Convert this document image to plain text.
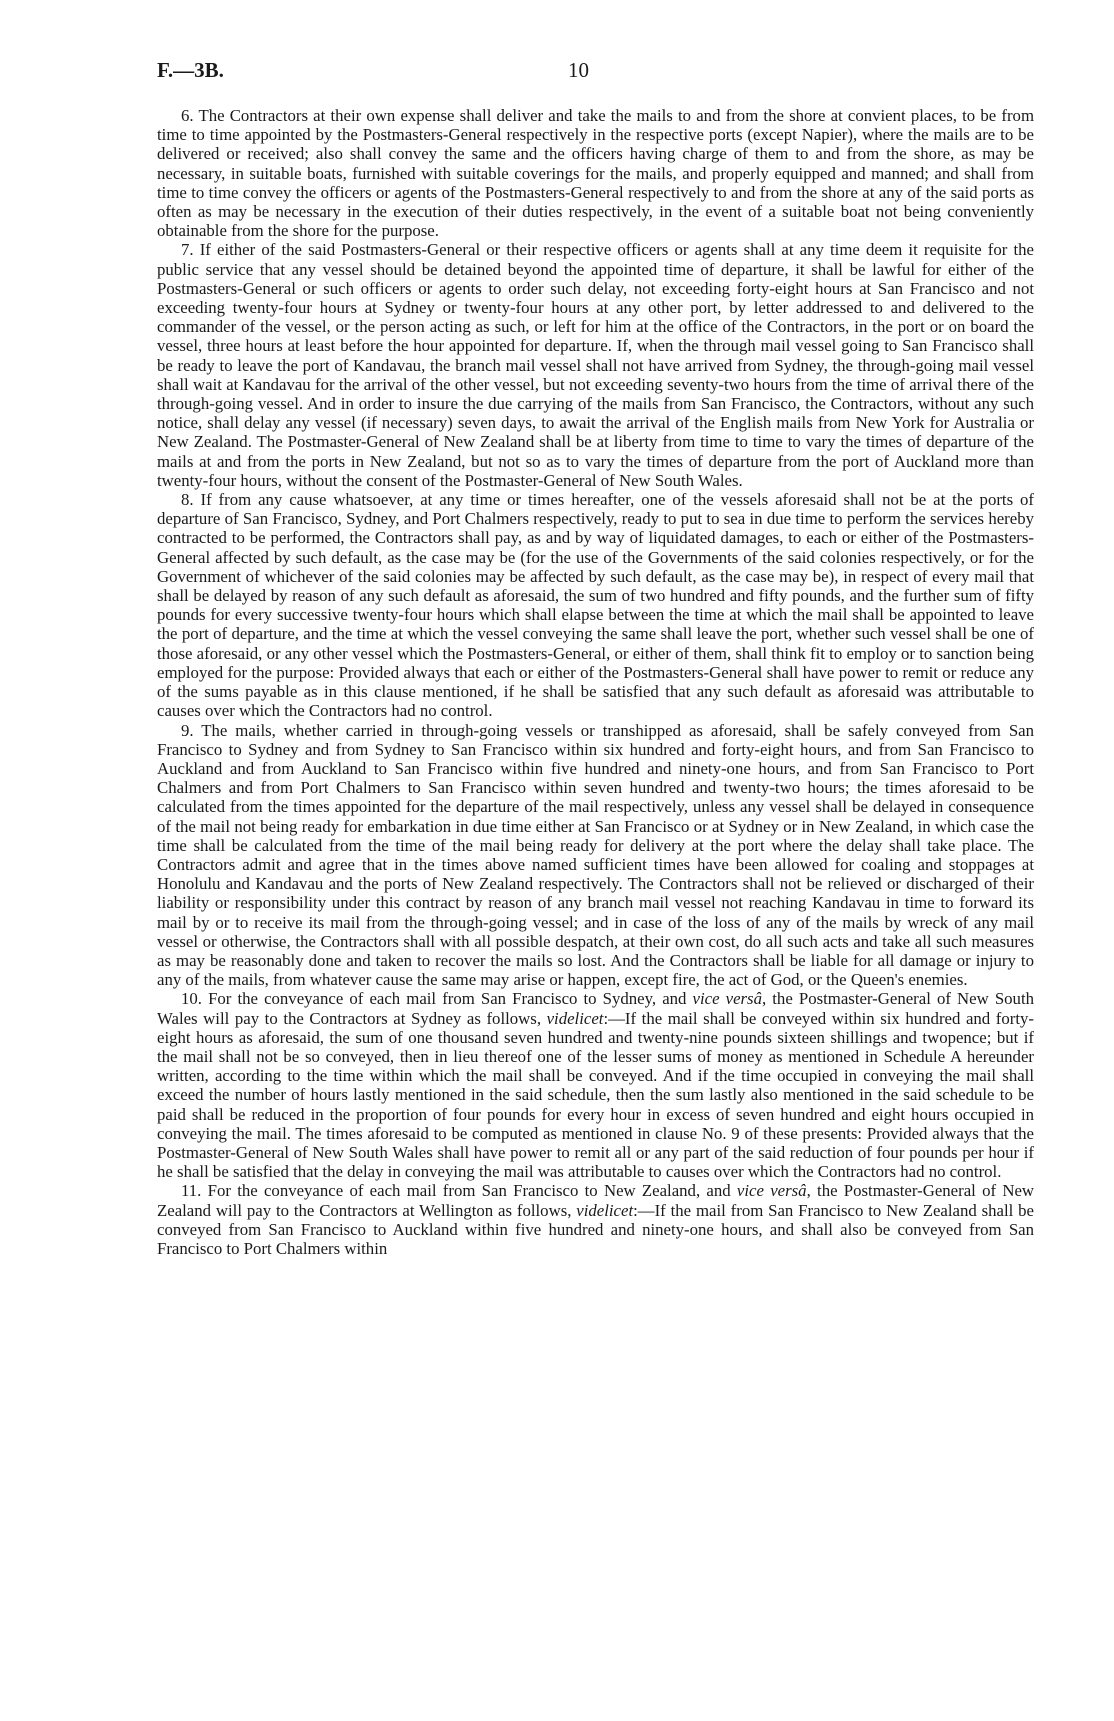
F.—3B.	10

6. The Contractors at their own expense shall deliver and take the mails to and from the shore at convient places, to be from time to time appointed by the Postmasters-General respectively in the respective ports (except Napier), where the mails are to be delivered or received; also shall convey the same and the officers having charge of them to and from the shore, as may be necessary, in suitable boats, furnished with suitable coverings for the mails, and properly equipped and manned; and shall from time to time convey the officers or agents of the Postmasters-General respectively to and from the shore at any of the said ports as often as may be necessary in the execution of their duties respectively, in the event of a suitable boat not being conveniently obtainable from the shore for the purpose.

7. If either of the said Postmasters-General or their respective officers or agents shall at any time deem it requisite for the public service that any vessel should be detained beyond the appointed time of departure, it shall be lawful for either of the Postmasters-General or such officers or agents to order such delay, not exceeding forty-eight hours at San Francisco and not exceeding twenty-four hours at Sydney or twenty-four hours at any other port, by letter addressed to and delivered to the commander of the vessel, or the person acting as such, or left for him at the office of the Contractors, in the port or on board the vessel, three hours at least before the hour appointed for departure. If, when the through mail vessel going to San Francisco shall be ready to leave the port of Kandavau, the branch mail vessel shall not have arrived from Sydney, the through-going mail vessel shall wait at Kandavau for the arrival of the other vessel, but not exceeding seventy-two hours from the time of arrival there of the through-going vessel. And in order to insure the due carrying of the mails from San Francisco, the Contractors, without any such notice, shall delay any vessel (if necessary) seven days, to await the arrival of the English mails from New York for Australia or New Zealand. The Postmaster-General of New Zealand shall be at liberty from time to time to vary the times of departure of the mails at and from the ports in New Zealand, but not so as to vary the times of departure from the port of Auckland more than twenty-four hours, without the consent of the Postmaster-General of New South Wales.

8. If from any cause whatsoever, at any time or times hereafter, one of the vessels aforesaid shall not be at the ports of departure of San Francisco, Sydney, and Port Chalmers respectively, ready to put to sea in due time to perform the services hereby contracted to be performed, the Contractors shall pay, as and by way of liquidated damages, to each or either of the Postmasters-General affected by such default, as the case may be (for the use of the Governments of the said colonies respectively, or for the Government of whichever of the said colonies may be affected by such default, as the case may be), in respect of every mail that shall be delayed by reason of any such default as aforesaid, the sum of two hundred and fifty pounds, and the further sum of fifty pounds for every successive twenty-four hours which shall elapse between the time at which the mail shall be appointed to leave the port of departure, and the time at which the vessel conveying the same shall leave the port, whether such vessel shall be one of those aforesaid, or any other vessel which the Postmasters-General, or either of them, shall think fit to employ or to sanction being employed for the purpose: Provided always that each or either of the Postmasters-General shall have power to remit or reduce any of the sums payable as in this clause mentioned, if he shall be satisfied that any such default as aforesaid was attributable to causes over which the Contractors had no control.

9. The mails, whether carried in through-going vessels or transhipped as aforesaid, shall be safely conveyed from San Francisco to Sydney and from Sydney to San Francisco within six hundred and forty-eight hours, and from San Francisco to Auckland and from Auckland to San Francisco within five hundred and ninety-one hours, and from San Francisco to Port Chalmers and from Port Chalmers to San Francisco within seven hundred and twenty-two hours; the times aforesaid to be calculated from the times appointed for the departure of the mail respectively, unless any vessel shall be delayed in consequence of the mail not being ready for embarkation in due time either at San Francisco or at Sydney or in New Zealand, in which case the time shall be calculated from the time of the mail being ready for delivery at the port where the delay shall take place. The Contractors admit and agree that in the times above named sufficient times have been allowed for coaling and stoppages at Honolulu and Kandavau and the ports of New Zealand respectively. The Contractors shall not be relieved or discharged of their liability or responsibility under this contract by reason of any branch mail vessel not reaching Kandavau in time to forward its mail by or to receive its mail from the through-going vessel; and in case of the loss of any of the mails by wreck of any mail vessel or otherwise, the Contractors shall with all possible despatch, at their own cost, do all such acts and take all such measures as may be reasonably done and taken to recover the mails so lost. And the Contractors shall be liable for all damage or injury to any of the mails, from whatever cause the same may arise or happen, except fire, the act of God, or the Queen's enemies.

10. For the conveyance of each mail from San Francisco to Sydney, and vice versâ, the Postmaster-General of New South Wales will pay to the Contractors at Sydney as follows, videlicet:—If the mail shall be conveyed within six hundred and forty-eight hours as aforesaid, the sum of one thousand seven hundred and twenty-nine pounds sixteen shillings and twopence; but if the mail shall not be so conveyed, then in lieu thereof one of the lesser sums of money as mentioned in Schedule A hereunder written, according to the time within which the mail shall be conveyed. And if the time occupied in conveying the mail shall exceed the number of hours lastly mentioned in the said schedule, then the sum lastly also mentioned in the said schedule to be paid shall be reduced in the proportion of four pounds for every hour in excess of seven hundred and eight hours occupied in conveying the mail. The times aforesaid to be computed as mentioned in clause No. 9 of these presents: Provided always that the Postmaster-General of New South Wales shall have power to remit all or any part of the said reduction of four pounds per hour if he shall be satisfied that the delay in conveying the mail was attributable to causes over which the Contractors had no control.

11. For the conveyance of each mail from San Francisco to New Zealand, and vice versâ, the Postmaster-General of New Zealand will pay to the Contractors at Wellington as follows, videlicet:—If the mail from San Francisco to New Zealand shall be conveyed from San Francisco to Auckland within five hundred and ninety-one hours, and shall also be conveyed from San Francisco to Port Chalmers within
